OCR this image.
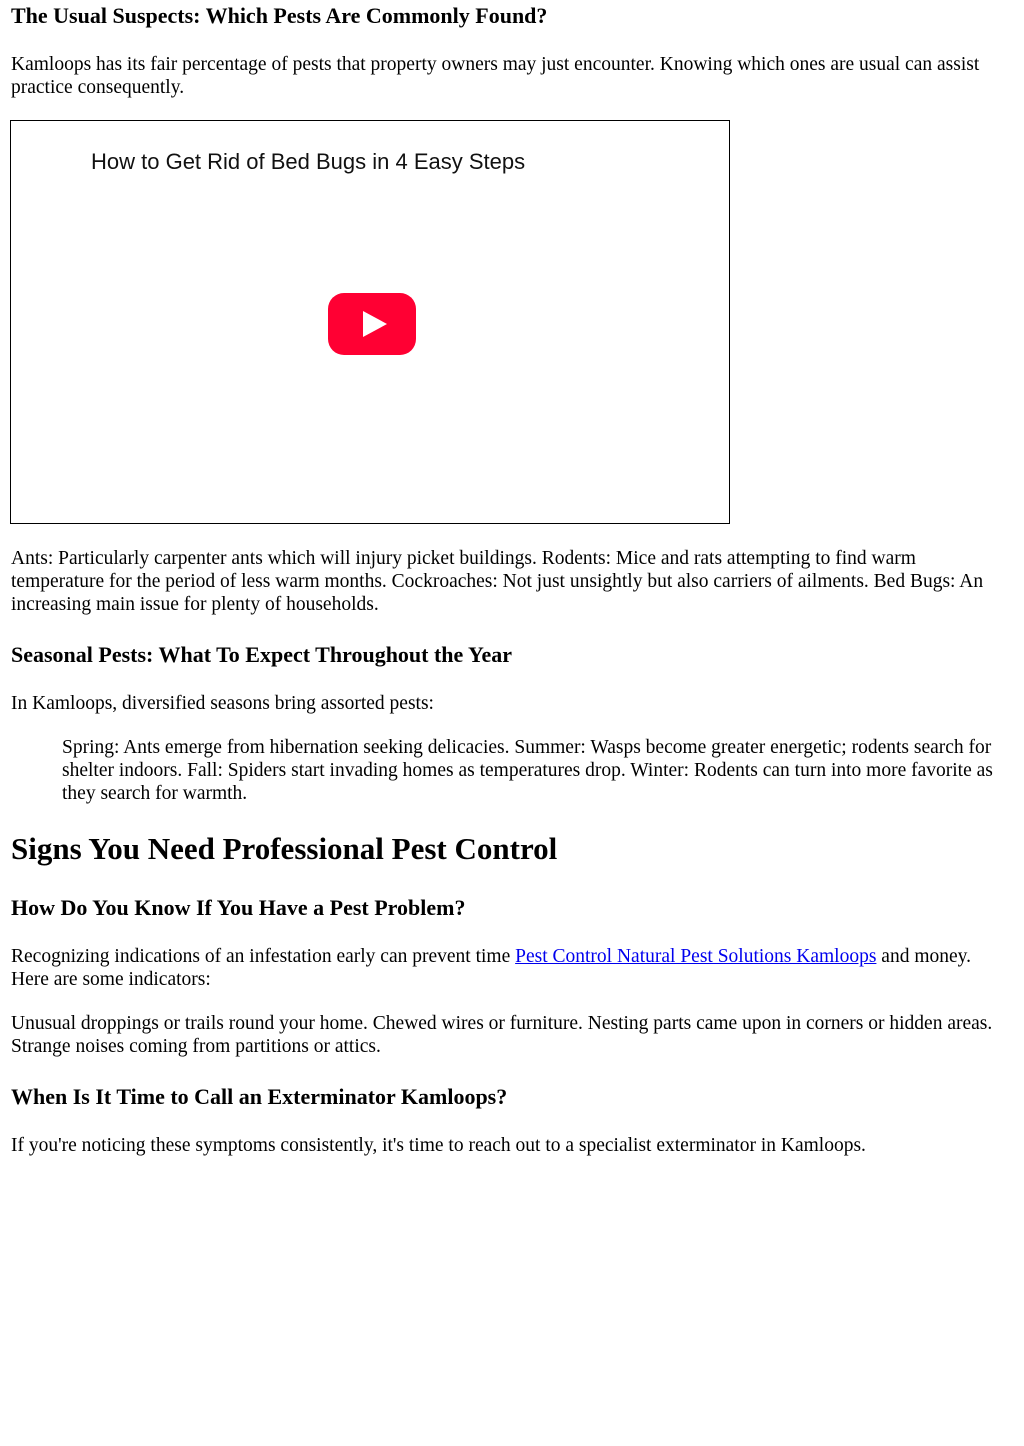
The Usual Suspects: Which Pests Are Commonly Found?

Kamloops has its fair percentage of pests that property owners may just encounter. Knowing which ones are usual can assist practice consequently.

How to Get Rid of Bed Bugs in 4 Easy Steps

Ants: Particularly carpenter ants which will injury picket buildings. Rodents: Mice and rats attempting to find warm temperature for the period of less warm months. Cockroaches: Not just unsightly but also carriers of ailments. Bed Bugs: An increasing main issue for plenty of households.

Seasonal Pests: What To Expect Throughout the Year

In Kamloops, diversified seasons bring assorted pests:

Spring: Ants emerge from hibernation seeking delicacies. Summer: Wasps become greater energetic; rodents search for shelter indoors. Fall: Spiders start invading homes as temperatures drop. Winter: Rodents can turn into more favorite as they search for warmth.

Signs You Need Professional Pest Control
How Do You Know If You Have a Pest Problem?

Recognizing indications of an infestation early can prevent time Pest Control Natural Pest Solutions Kamloops and money. Here are some indicators:

Unusual droppings or trails round your home. Chewed wires or furniture. Nesting parts came upon in corners or hidden areas. Strange noises coming from partitions or attics.

When Is It Time to Call an Exterminator Kamloops?

If you're noticing these symptoms consistently, it's time to reach out to a specialist exterminator in Kamloops.
